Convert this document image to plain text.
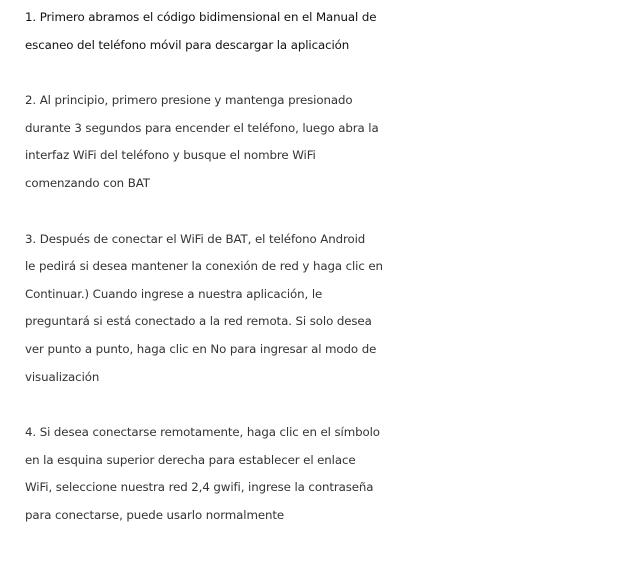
1. Primero abramos el código bidimensional en el Manual de
escaneo del teléfono móvil para descargar la aplicación

2. Al principio, primero presione y mantenga presionado
durante 3 segundos para encender el teléfono, luego abra la
interfaz WiFi del teléfono y busque el nombre WiFi
comenzando con BAT

3. Después de conectar el WiFi de BAT, el teléfono Android
le pedirá si desea mantener la conexión de red y haga clic en
Continuar.) Cuando ingrese a nuestra aplicación, le
preguntará si está conectado a la red remota. Si solo desea
ver punto a punto, haga clic en No para ingresar al modo de
visualización

4. Si desea conectarse remotamente, haga clic en el símbolo
en la esquina superior derecha para establecer el enlace
WiFi, seleccione nuestra red 2,4 gwifi, ingrese la contraseña
para conectarse, puede usarlo normalmente
